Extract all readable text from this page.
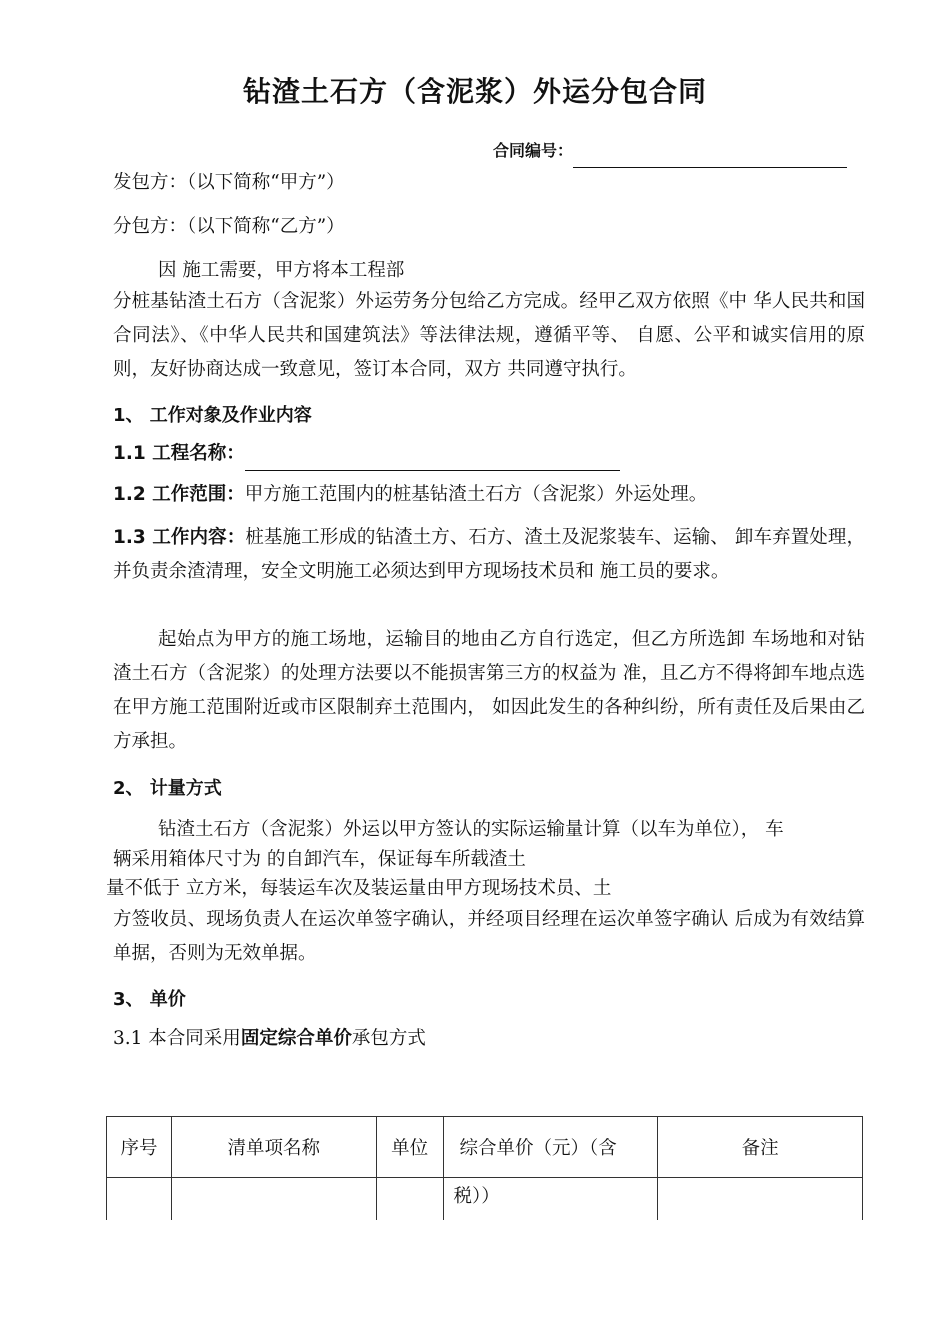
钻渣土石方（含泥浆）外运分包合同
合同编号：
发包方：（以下简称“甲方”）
分包方：（以下简称“乙方”）
因 施工需要，甲方将本工程部
分桩基钻渣土石方（含泥浆）外运劳务分包给乙方完成。经甲乙双方依照《中 华人民共和国合同法》、《中华人民共和国建筑法》等法律法规，遵循平等、 自愿、公平和诚实信用的原则，友好协商达成一致意见，签订本合同，双方 共同遵守执行。
1、 工作对象及作业内容
1.1 工程名称：
1.2 工作范围：甲方施工范围内的桩基钻渣土石方（含泥浆）外运处理。
1.3 工作内容：桩基施工形成的钻渣土方、石方、渣土及泥浆装车、运输、 卸车弃置处理，并负责余渣清理，安全文明施工必须达到甲方现场技术员和 施工员的要求。
起始点为甲方的施工场地，运输目的地由乙方自行选定，但乙方所选卸 车场地和对钻渣土石方（含泥浆）的处理方法要以不能损害第三方的权益为 准，且乙方不得将卸车地点选在甲方施工范围附近或市区限制弃土范围内， 如因此发生的各种纠纷，所有责任及后果由乙方承担。
2、 计量方式
钻渣土石方（含泥浆）外运以甲方签认的实际运输量计算（以车为单位）， 车
辆采用箱体尺寸为 的自卸汽车，保证每车所载渣土
量不低于 立方米，每装运车次及装运量由甲方现场技术员、土
方签收员、现场负责人在运次单签字确认，并经项目经理在运次单签字确认 后成为有效结算单据，否则为无效单据。
3、 单价
3.1 本合同采用固定综合单价承包方式
序号	清单项名称	单位	综合单价（元）（含	备注
			税））	
